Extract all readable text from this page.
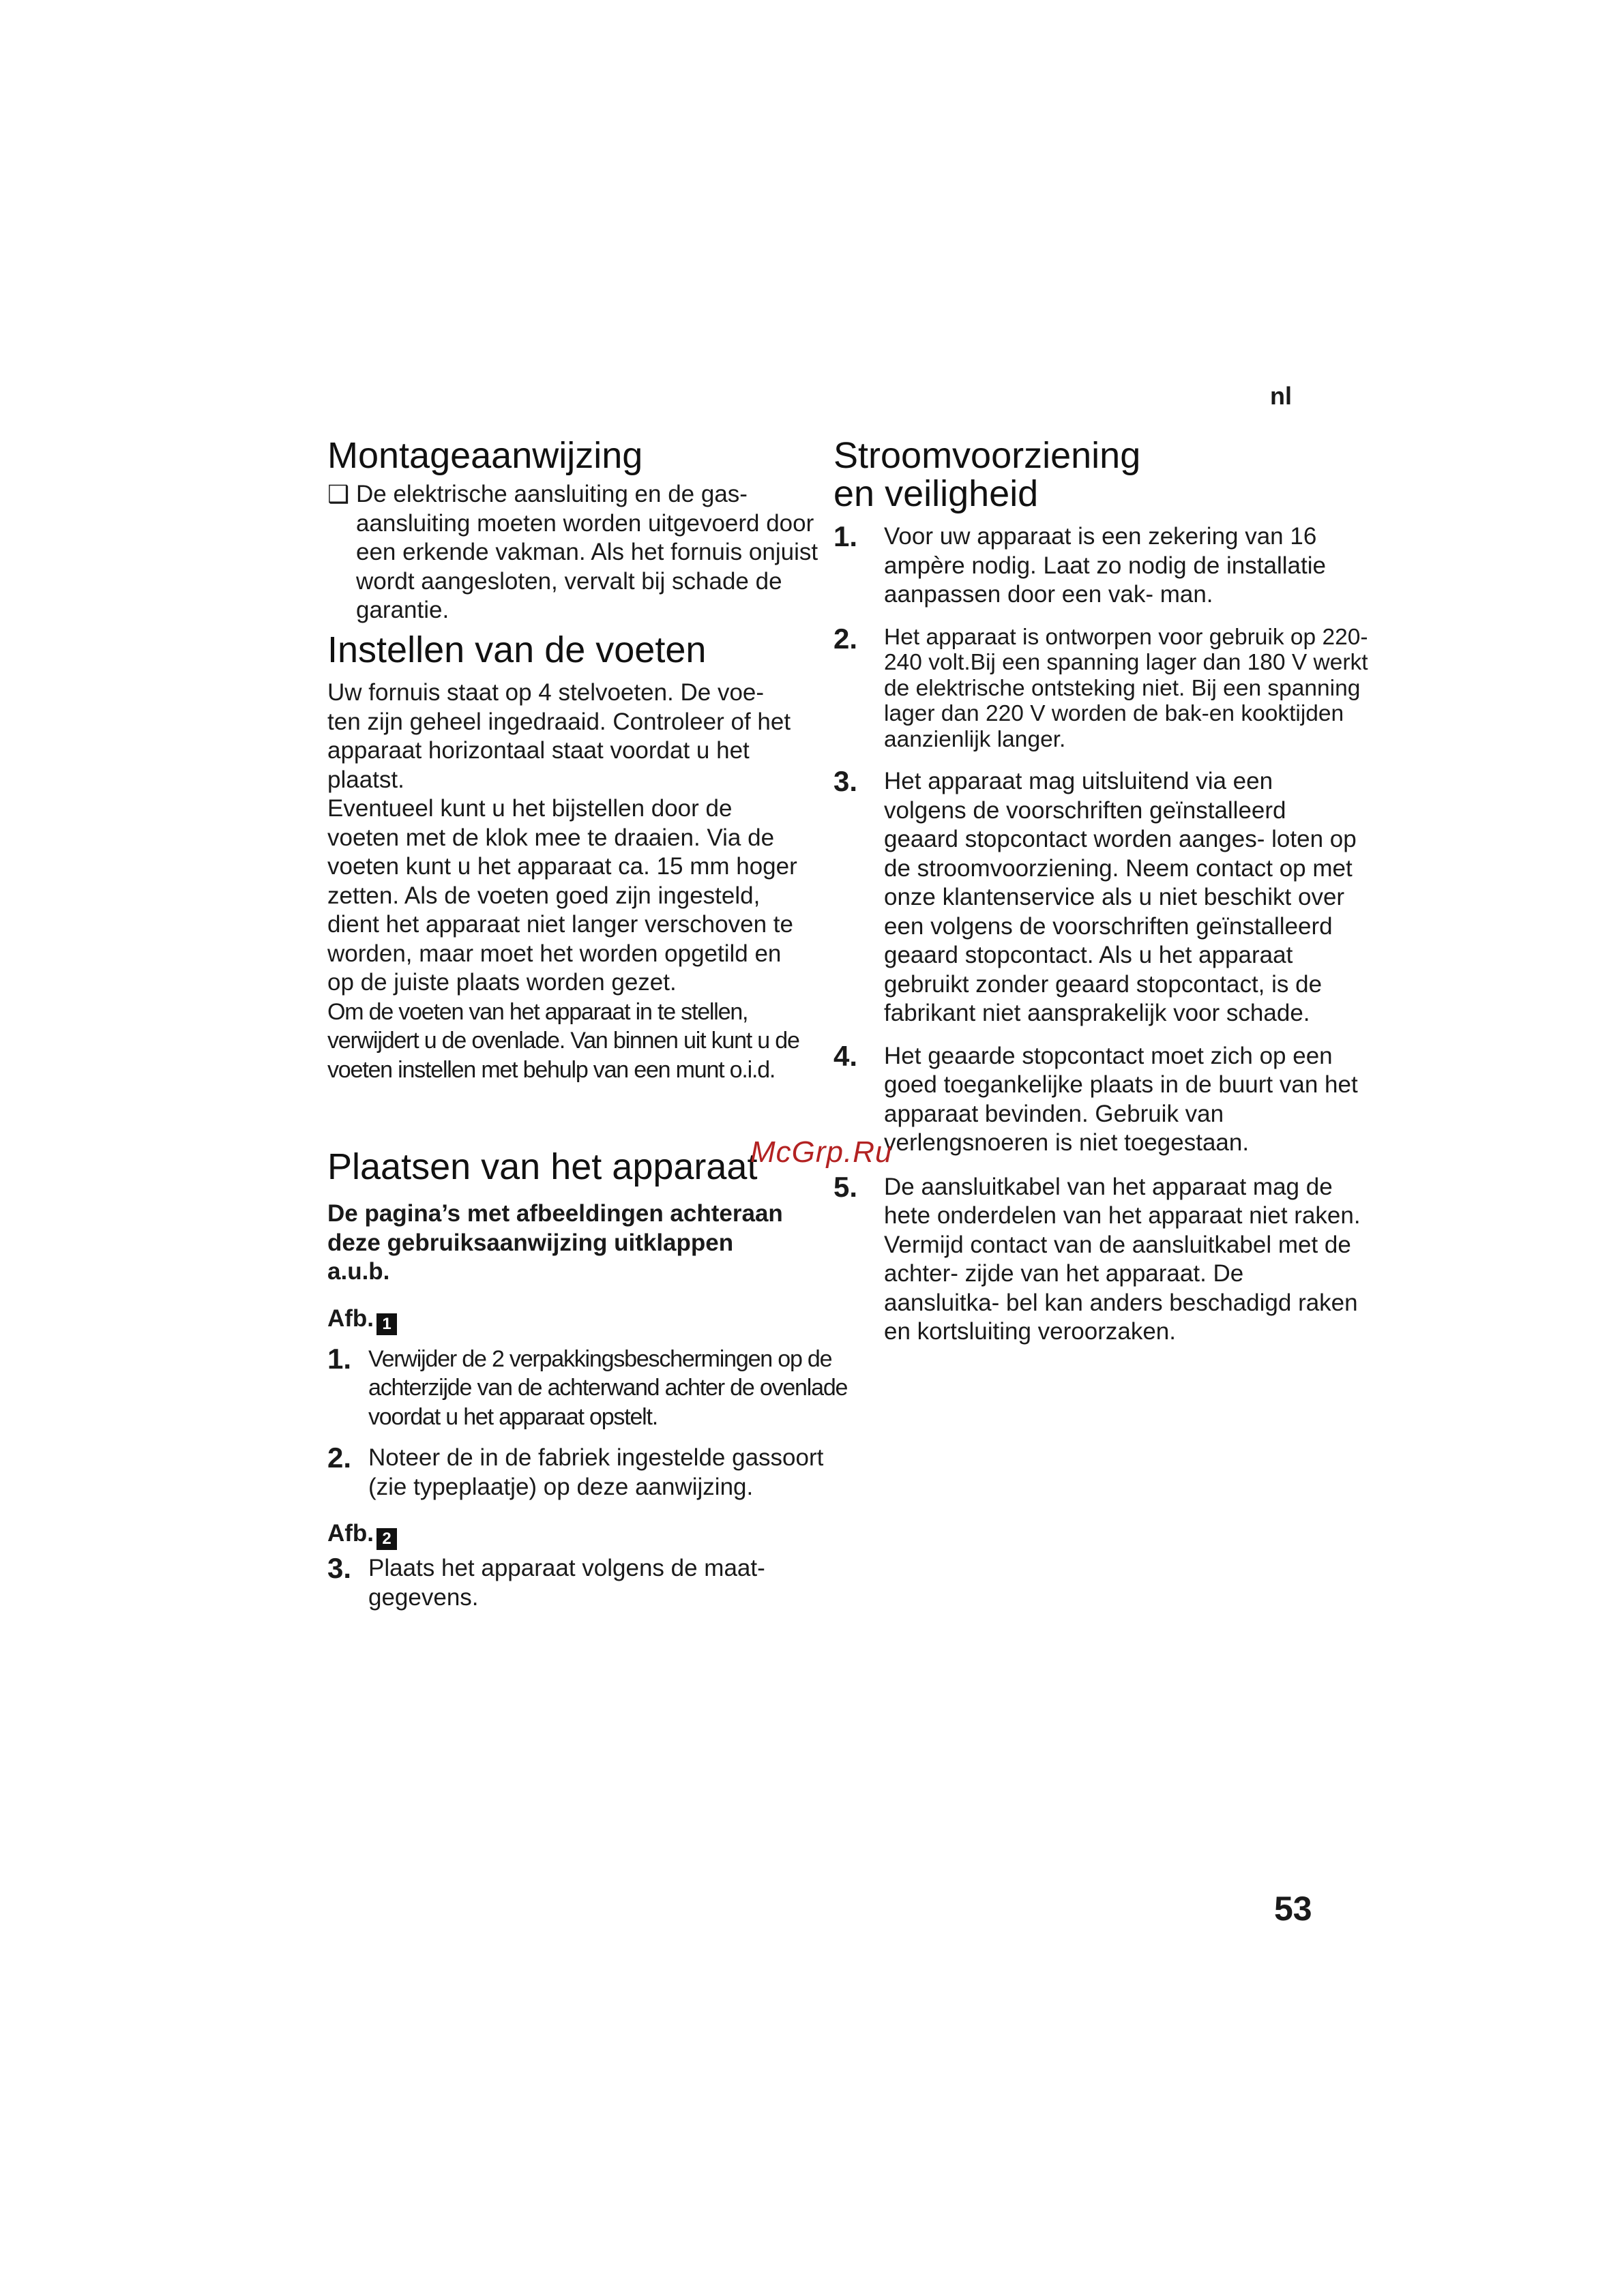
nl
Montageaanwijzing
❑ De elektrische aansluiting en de gas- aansluiting moeten worden uitgevoerd door een erkende vakman. Als het fornuis onjuist wordt aangesloten, vervalt bij schade de garantie.

Instellen van de voeten

Uw fornuis staat op 4 stelvoeten. De voe- ten zijn geheel ingedraaid. Controleer of het apparaat horizontaal staat voordat u het plaatst.

Eventueel kunt u het bijstellen door de voeten met de klok mee te draaien. Via de voeten kunt u het apparaat ca. 15 mm hoger zetten. Als de voeten goed zijn ingesteld, dient het apparaat niet langer verschoven te worden, maar moet het worden opgetild en op de juiste plaats worden gezet.

Om de voeten van het apparaat in te stellen, verwijdert u de ovenlade. Van binnen uit kunt u de voeten instellen met behulp van een munt o.i.d.

Plaatsen van het apparaat

De pagina’s met afbeeldingen achteraan deze gebruiksaanwijzing uitklappen a.u.b.

Afb. 1
1. Verwijder de 2 verpakkingsbeschermingen op de achterzijde van de achterwand achter de ovenlade voordat u het apparaat opstelt.

2. Noteer de in de fabriek ingestelde gassoort (zie typeplaatje) op deze aanwijzing.

Afb. 2
3. Plaats het apparaat volgens de maat- gegevens.

Stroomvoorziening
en veiligheid
1. Voor uw apparaat is een zekering van 16 ampère nodig. Laat zo nodig de installatie aanpassen door een vak- man.

2. Het apparaat is ontworpen voor gebruik op 220-240 volt.Bij een spanning lager dan 180 V werkt de elektrische ontsteking niet. Bij een spanning lager dan 220 V worden de bak-en kooktijden aanzienlijk langer.

3. Het apparaat mag uitsluitend via een volgens de voorschriften geïnstalleerd geaard stopcontact worden aanges- loten op de stroomvoorziening. Neem contact op met onze klantenservice als u niet beschikt over een volgens de voorschriften geïnstalleerd geaard stopcontact. Als u het apparaat gebruikt zonder geaard stopcontact, is de fabrikant niet aansprakelijk voor schade.

4. Het geaarde stopcontact moet zich op een goed toegankelijke plaats in de buurt van het apparaat bevinden. Gebruik van verlengsnoeren is niet toegestaan.

5. De aansluitkabel van het apparaat mag de hete onderdelen van het apparaat niet raken. Vermijd contact van de aansluitkabel met de achter- zijde van het apparaat. De aansluitka- bel kan anders beschadigd raken en kortsluiting veroorzaken.

McGrp.Ru
53
